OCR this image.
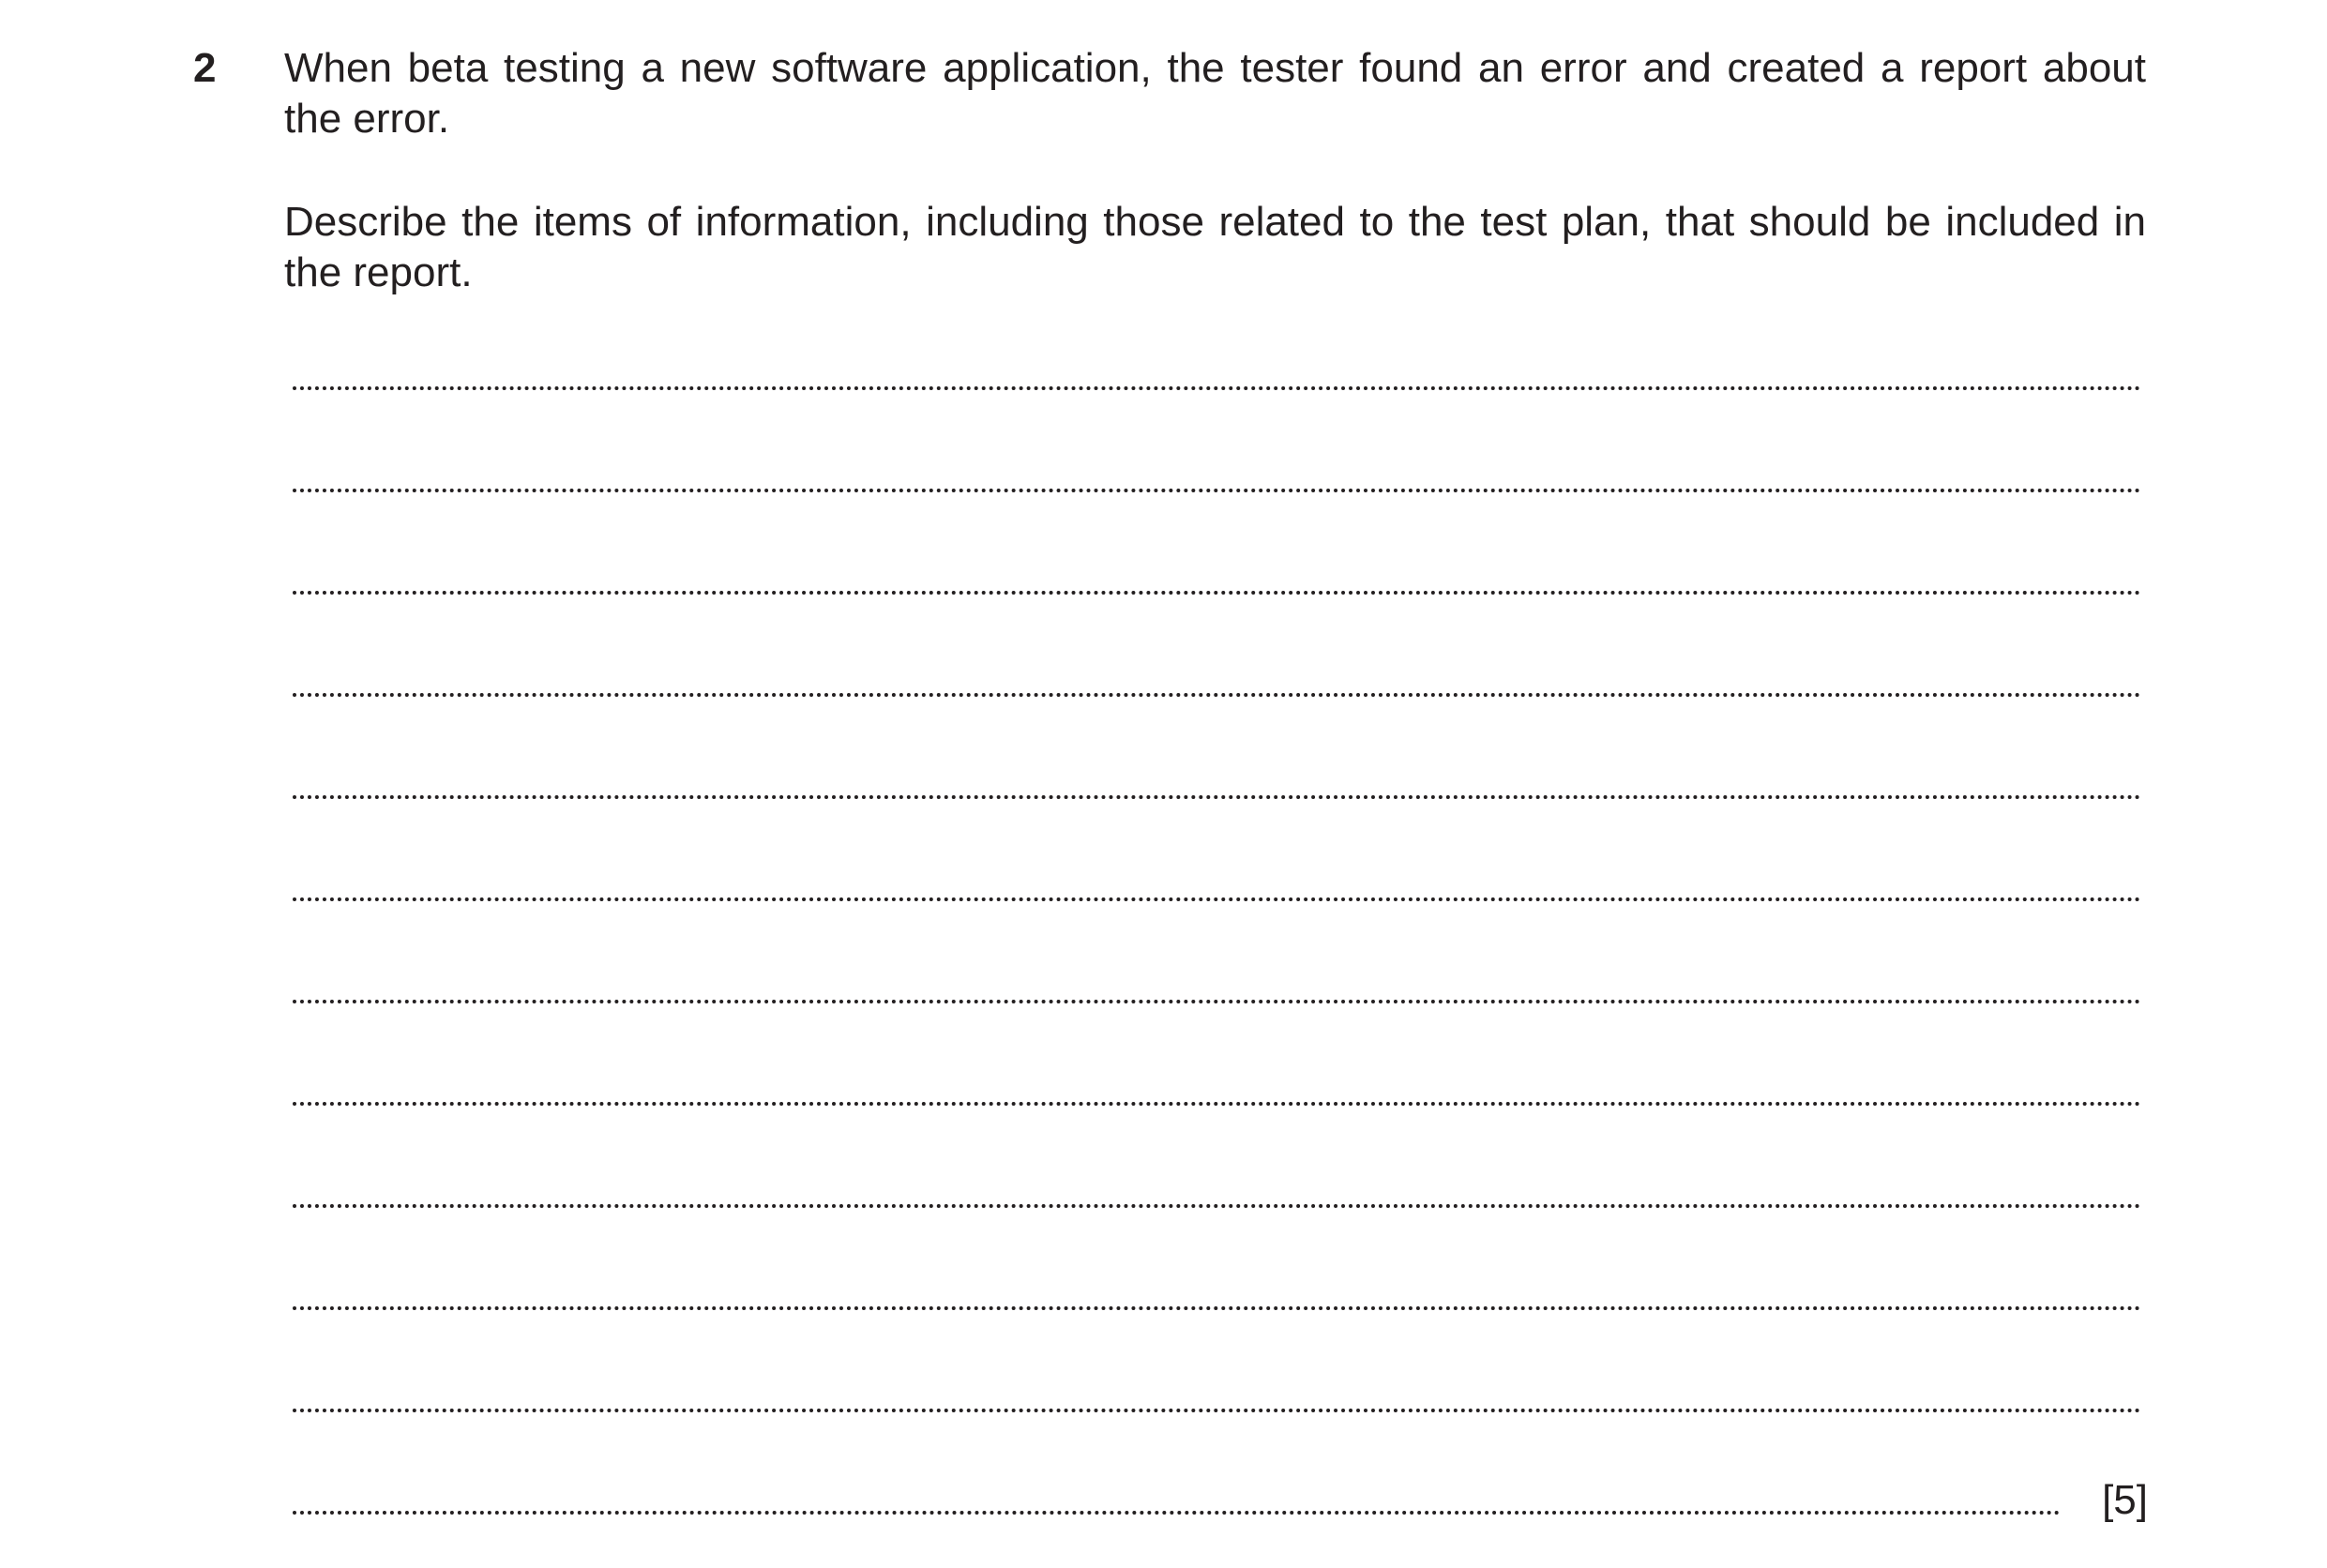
2 When beta testing a new software application, the tester found an error and created a report about the error.

Describe the items of information, including those related to the test plan, that should be included in the report.

[5]
